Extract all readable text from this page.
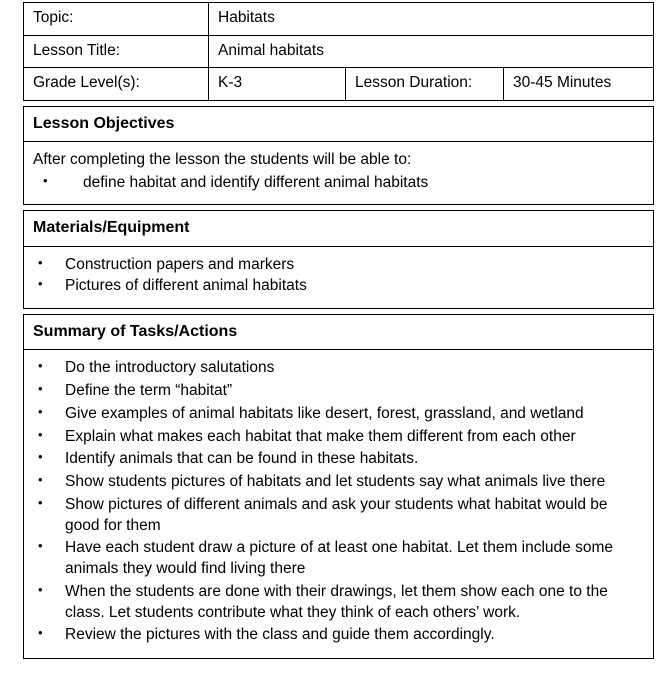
Topic:	Habitats
Lesson Title:	Animal habitats
Grade Level(s):	K-3	Lesson Duration:	30-45 Minutes
Lesson Objectives

After completing the lesson the students will be able to:

• define habitat and identify different animal habitats
Materials/Equipment
• Construction papers and markers
• Pictures of different animal habitats
Summary of Tasks/Actions
• Do the introductory salutations
• Define the term “habitat”
• Give examples of animal habitats like desert, forest, grassland, and wetland
• Explain what makes each habitat that make them different from each other
• Identify animals that can be found in these habitats.
• Show students pictures of habitats and let students say what animals live there
• Show pictures of different animals and ask your students what habitat would be good for them
• Have each student draw a picture of at least one habitat. Let them include some animals they would find living there
• When the students are done with their drawings, let them show each one to the class. Let students contribute what they think of each others’ work.
• Review the pictures with the class and guide them accordingly.
